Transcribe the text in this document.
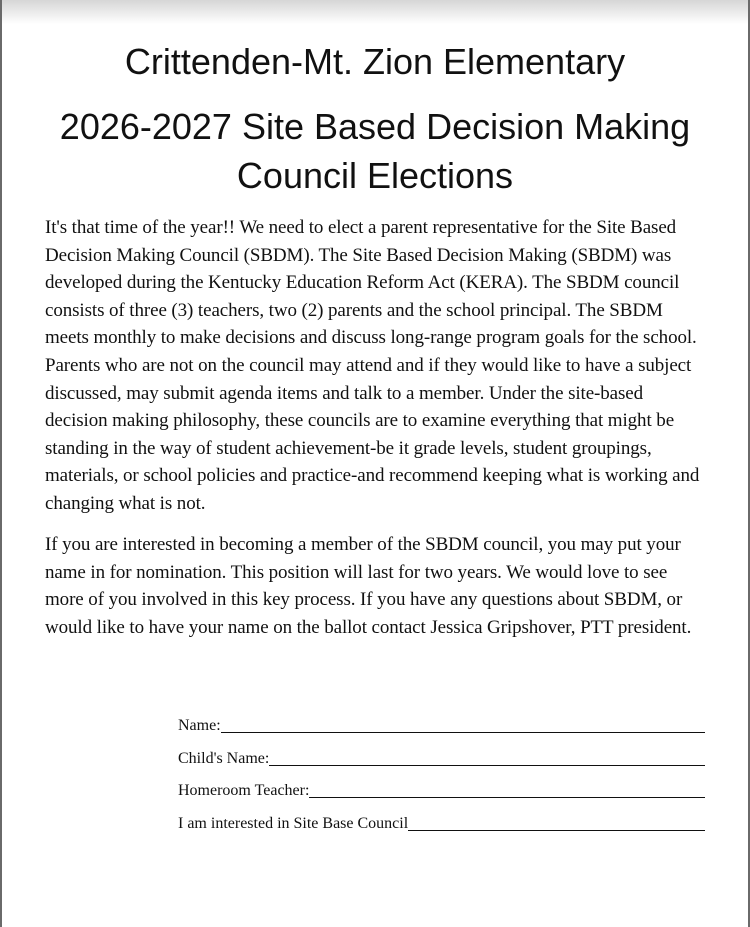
Crittenden-Mt. Zion Elementary
2026-2027 Site Based Decision Making
Council Elections

It's that time of the year!! We need to elect a parent representative for the Site Based Decision Making Council (SBDM). The Site Based Decision Making (SBDM) was developed during the Kentucky Education Reform Act (KERA). The SBDM council consists of three (3) teachers, two (2) parents and the school principal. The SBDM meets monthly to make decisions and discuss long-range program goals for the school. Parents who are not on the council may attend and if they would like to have a subject discussed, may submit agenda items and talk to a member. Under the site-based decision making philosophy, these councils are to examine everything that might be standing in the way of student achievement-be it grade levels, student groupings, materials, or school policies and practice-and recommend keeping what is working and changing what is not.

If you are interested in becoming a member of the SBDM council, you may put your name in for nomination. This position will last for two years. We would love to see more of you involved in this key process. If you have any questions about SBDM, or would like to have your name on the ballot contact Jessica Gripshover, PTT president.

Name:
Child's Name:
Homeroom Teacher:
I am interested in Site Base Council
